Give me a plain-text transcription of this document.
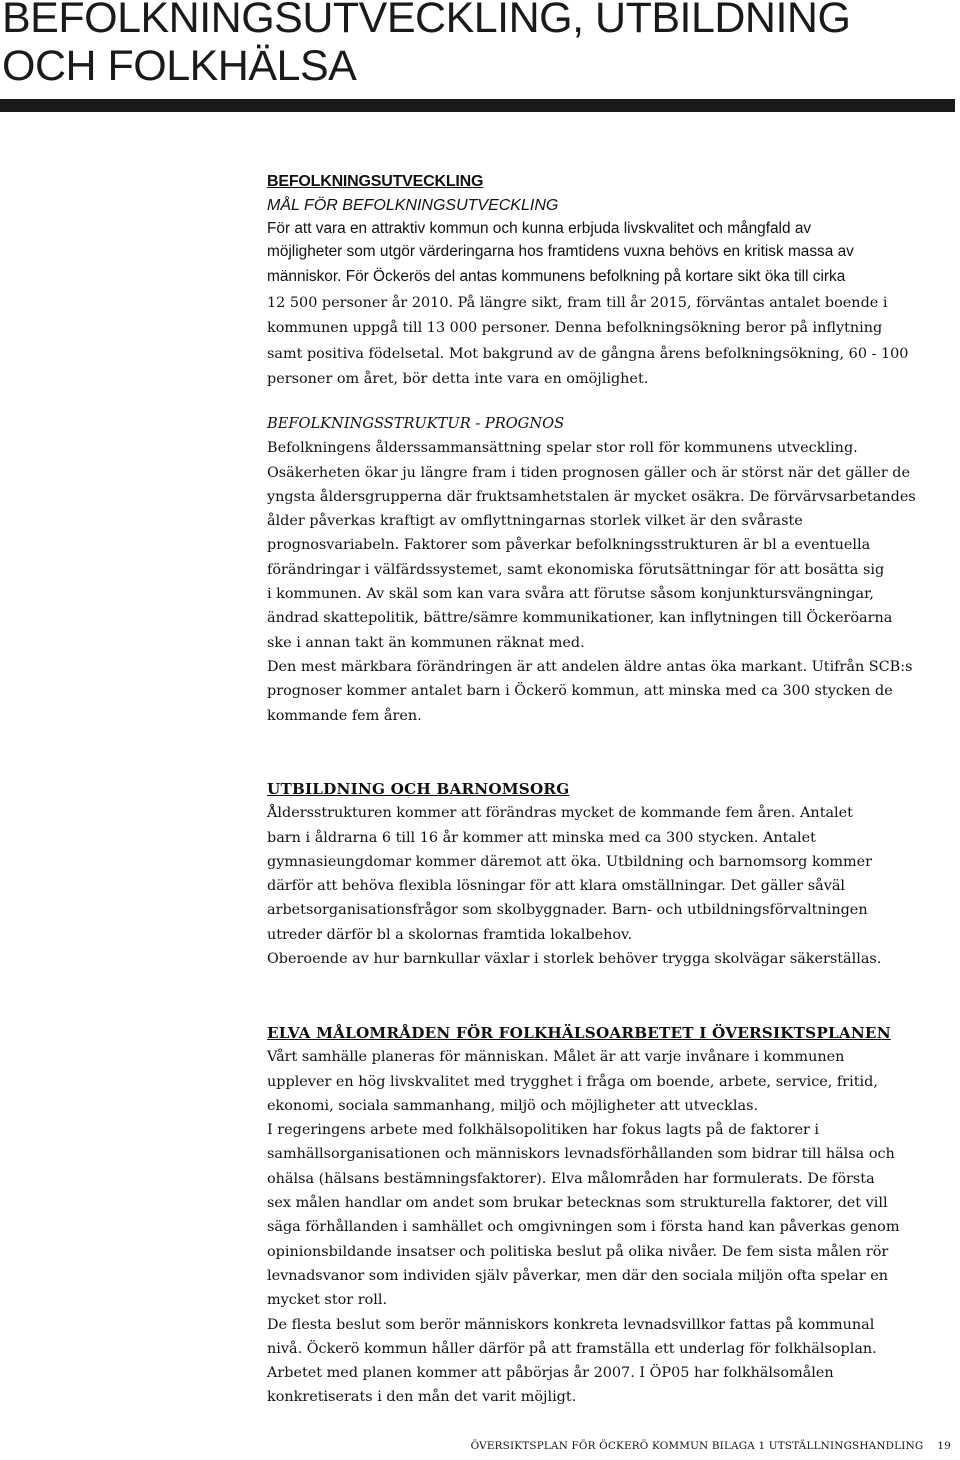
BEFOLKNINGSUTVECKLING, UTBILDNING
OCH FOLKHÄLSA
BEFOLKNINGSUTVECKLING
MÅL FÖR BEFOLKNINGSUTVECKLING
För att vara en attraktiv kommun och kunna erbjuda livskvalitet och mångfald av
möjligheter som utgör värderingarna hos framtidens vuxna behövs en kritisk massa av
människor. För Öckerös del antas kommunens befolkning på kortare sikt öka till cirka
12 500 personer år 2010. På längre sikt, fram till år 2015, förväntas antalet boende i
kommunen uppgå till 13 000 personer. Denna befolkningsökning beror på inflytning
samt positiva födelsetal. Mot bakgrund av de gångna årens befolkningsökning, 60 - 100
personer om året, bör detta inte vara en omöjlighet.
BEFOLKNINGSSTRUKTUR - PROGNOS
Befolkningens ålderssammansättning spelar stor roll för kommunens utveckling.
Osäkerheten ökar ju längre fram i tiden prognosen gäller och är störst när det gäller de
yngsta åldersgrupperna där fruktsamhetstalen är mycket osäkra. De förvärvsarbetandes
ålder påverkas kraftigt av omflyttningarnas storlek vilket är den svåraste
prognosvariabeln. Faktorer som påverkar befolkningsstrukturen är bl a eventuella
förändringar i välfärdssystemet, samt ekonomiska förutsättningar för att bosätta sig
i kommunen. Av skäl som kan vara svåra att förutse såsom konjunktursvängningar,
ändrad skattepolitik, bättre/sämre kommunikationer, kan inflytningen till Öckeröarna
ske i annan takt än kommunen räknat med.
Den mest märkbara förändringen är att andelen äldre antas öka markant. Utifrån SCB:s
prognoser kommer antalet barn i Öckerö kommun, att minska med ca 300 stycken de
kommande fem åren.
UTBILDNING OCH BARNOMSORG
Åldersstrukturen kommer att förändras mycket de kommande fem åren. Antalet
barn i åldrarna 6 till 16 år kommer att minska med ca 300 stycken. Antalet
gymnasieungdomar kommer däremot att öka. Utbildning och barnomsorg kommer
därför att behöva flexibla lösningar för att klara omställningar. Det gäller såväl
arbetsorganisationsfrågor som skolbyggnader. Barn- och utbildningsförvaltningen
utreder därför bl a skolornas framtida lokalbehov.
Oberoende av hur barnkullar växlar i storlek behöver trygga skolvägar säkerställas.
ELVA MÅLOMRÅDEN FÖR FOLKHÄLSOARBETET I ÖVERSIKTSPLANEN
Vårt samhälle planeras för människan. Målet är att varje invånare i kommunen
upplever en hög livskvalitet med trygghet i fråga om boende, arbete, service, fritid,
ekonomi, sociala sammanhang, miljö och möjligheter att utvecklas.
I regeringens arbete med folkhälsopolitiken har fokus lagts på de faktorer i
samhällsorganisationen och människors levnadsförhållanden som bidrar till hälsa och
ohälsa (hälsans bestämningsfaktorer). Elva målområden har formulerats. De första
sex målen handlar om andet som brukar betecknas som strukturella faktorer, det vill
säga förhållanden i samhället och omgivningen som i första hand kan påverkas genom
opinionsbildande insatser och politiska beslut på olika nivåer. De fem sista målen rör
levnadsvanor som individen själv påverkar, men där den sociala miljön ofta spelar en
mycket stor roll.
De flesta beslut som berör människors konkreta levnadsvillkor fattas på kommunal
nivå. Öckerö kommun håller därför på att framställa ett underlag för folkhälsoplan.
Arbetet med planen kommer att påbörjas år 2007. I ÖP05 har folkhälsomålen
konkretiserats i den mån det varit möjligt.
ÖVERSIKTSPLAN FÖR ÖCKERÖ KOMMUN BILAGA 1 UTSTÄLLNINGSHANDLING 19
